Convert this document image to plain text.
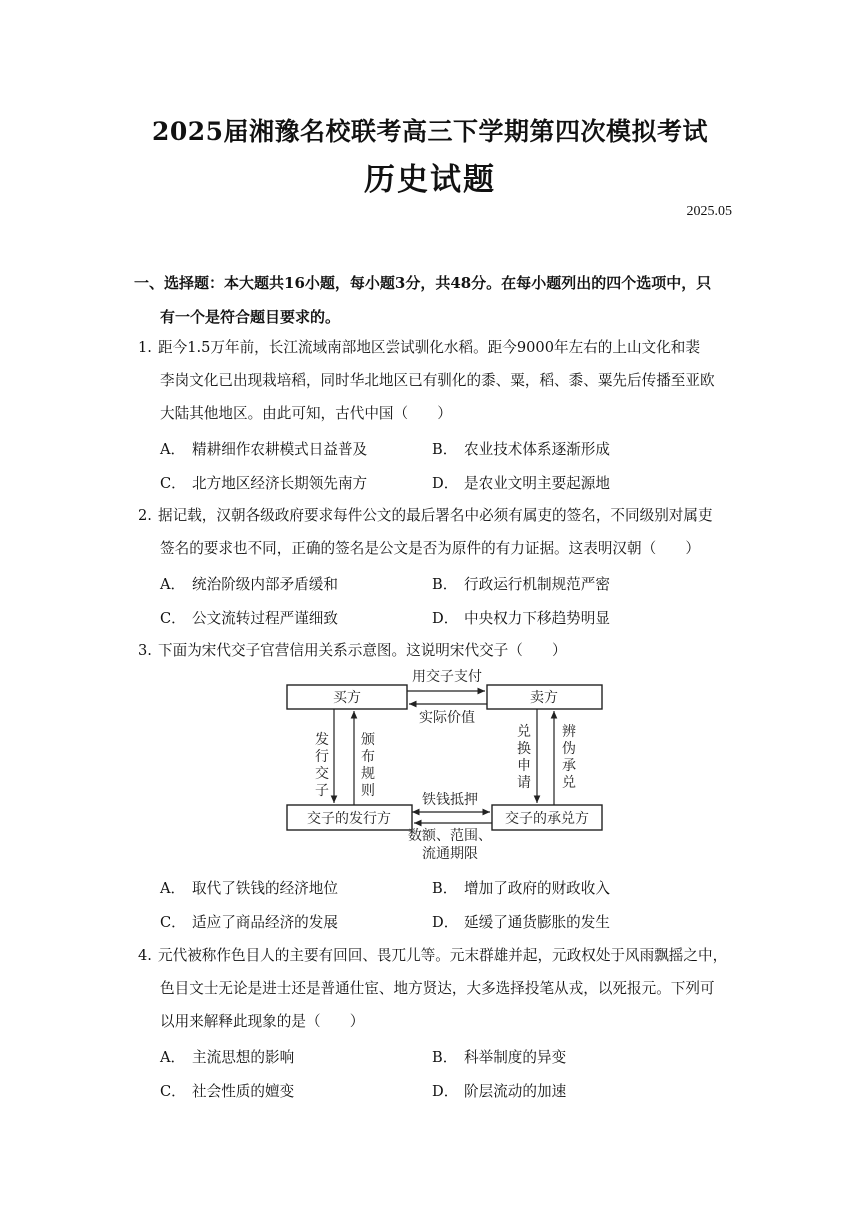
2025届湘豫名校联考高三下学期第四次模拟考试
历史试题
2025.05
一、选择题：本大题共16小题，每小题3分，共48分。在每小题列出的四个选项中，只
有一个是符合题目要求的。
1. 距今1.5万年前，长江流域南部地区尝试驯化水稻。距今9000年左右的上山文化和裴
李岗文化已出现栽培稻，同时华北地区已有驯化的黍、粟，稻、黍、粟先后传播至亚欧
大陆其他地区。由此可知，古代中国（　　）
A． 精耕细作农耕模式日益普及	B． 农业技术体系逐渐形成
C． 北方地区经济长期领先南方	D． 是农业文明主要起源地
2. 据记载，汉朝各级政府要求每件公文的最后署名中必须有属吏的签名，不同级别对属吏
签名的要求也不同，正确的签名是公文是否为原件的有力证据。这表明汉朝（　　）
A． 统治阶级内部矛盾缓和	B． 行政运行机制规范严密
C． 公文流转过程严谨细致	D． 中央权力下移趋势明显
3. 下面为宋代交子官营信用关系示意图。这说明宋代交子（　　）
买方	卖方
交子的发行方	交子的承兑方
用交子支付
实际价值
发
行
交
子
颁
布
规
则
兑
换
申
请
辨
伪
承
兑
铁钱抵押
数额、范围、
流通期限
A． 取代了铁钱的经济地位	B． 增加了政府的财政收入
C． 适应了商品经济的发展	D． 延缓了通货膨胀的发生
4. 元代被称作色目人的主要有回回、畏兀儿等。元末群雄并起，元政权处于风雨飘摇之中，
色目文士无论是进士还是普通仕宦、地方贤达，大多选择投笔从戎，以死报元。下列可
以用来解释此现象的是（　　）
A． 主流思想的影响	B． 科举制度的异变
C． 社会性质的嬗变	D． 阶层流动的加速
